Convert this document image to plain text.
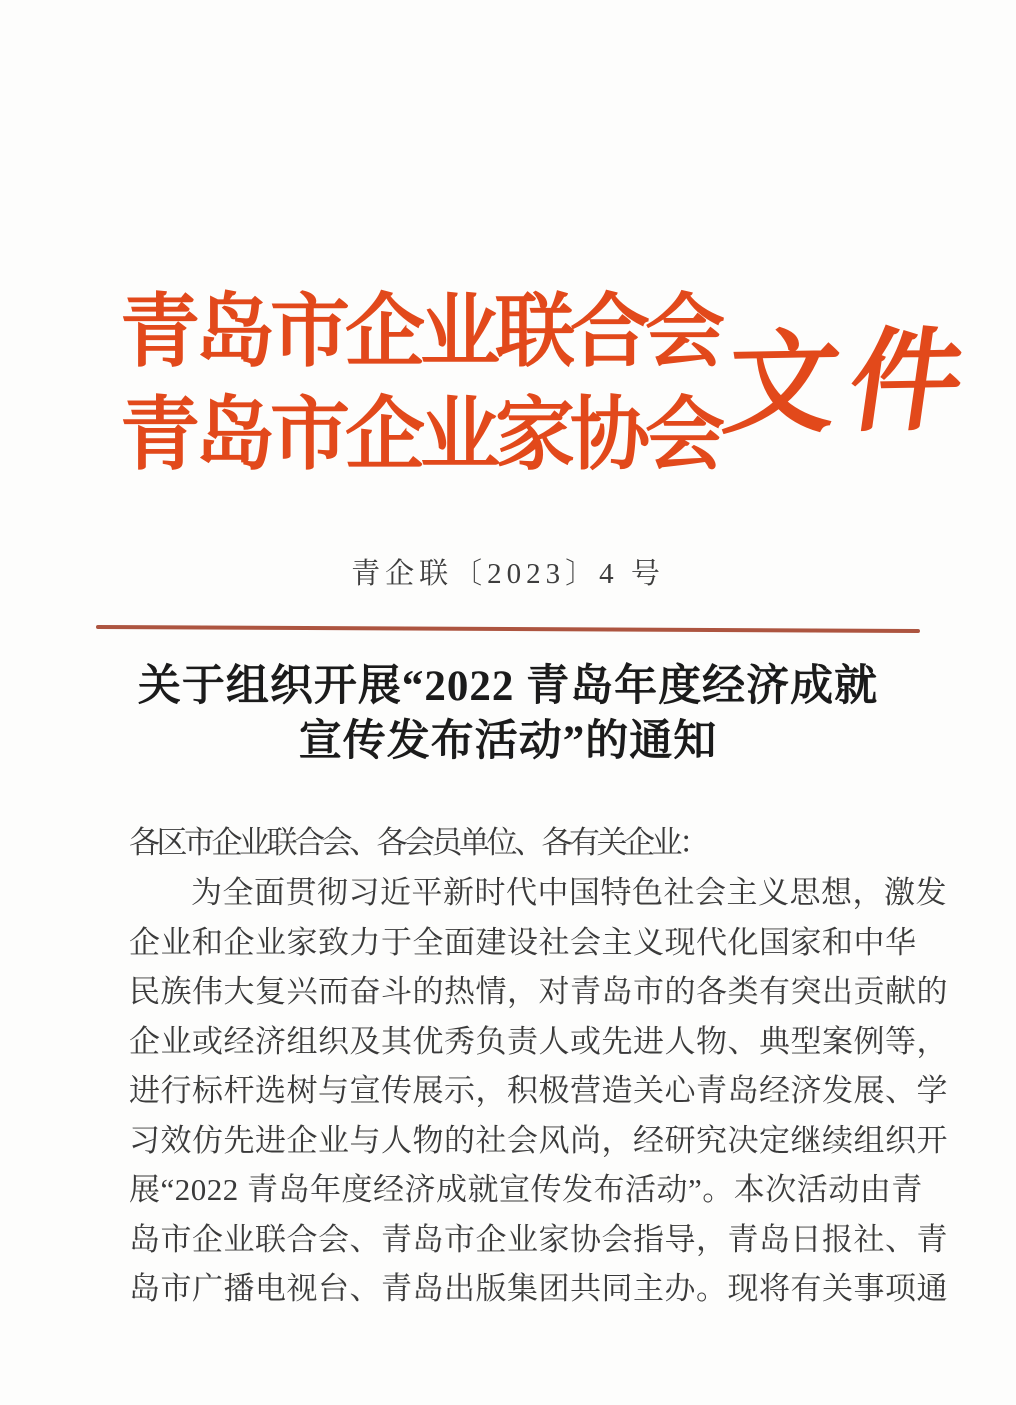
青岛市企业联合会
青岛市企业家协会
文件
青企联〔2023〕4 号
关于组织开展“2022 青岛年度经济成就
宣传发布活动”的通知
各区市企业联合会、各会员单位、各有关企业：
为全面贯彻习近平新时代中国特色社会主义思想，激发
企业和企业家致力于全面建设社会主义现代化国家和中华
民族伟大复兴而奋斗的热情，对青岛市的各类有突出贡献的
企业或经济组织及其优秀负责人或先进人物、典型案例等，
进行标杆选树与宣传展示，积极营造关心青岛经济发展、学
习效仿先进企业与人物的社会风尚，经研究决定继续组织开
展“2022 青岛年度经济成就宣传发布活动”。本次活动由青
岛市企业联合会、青岛市企业家协会指导，青岛日报社、青
岛市广播电视台、青岛出版集团共同主办。现将有关事项通
